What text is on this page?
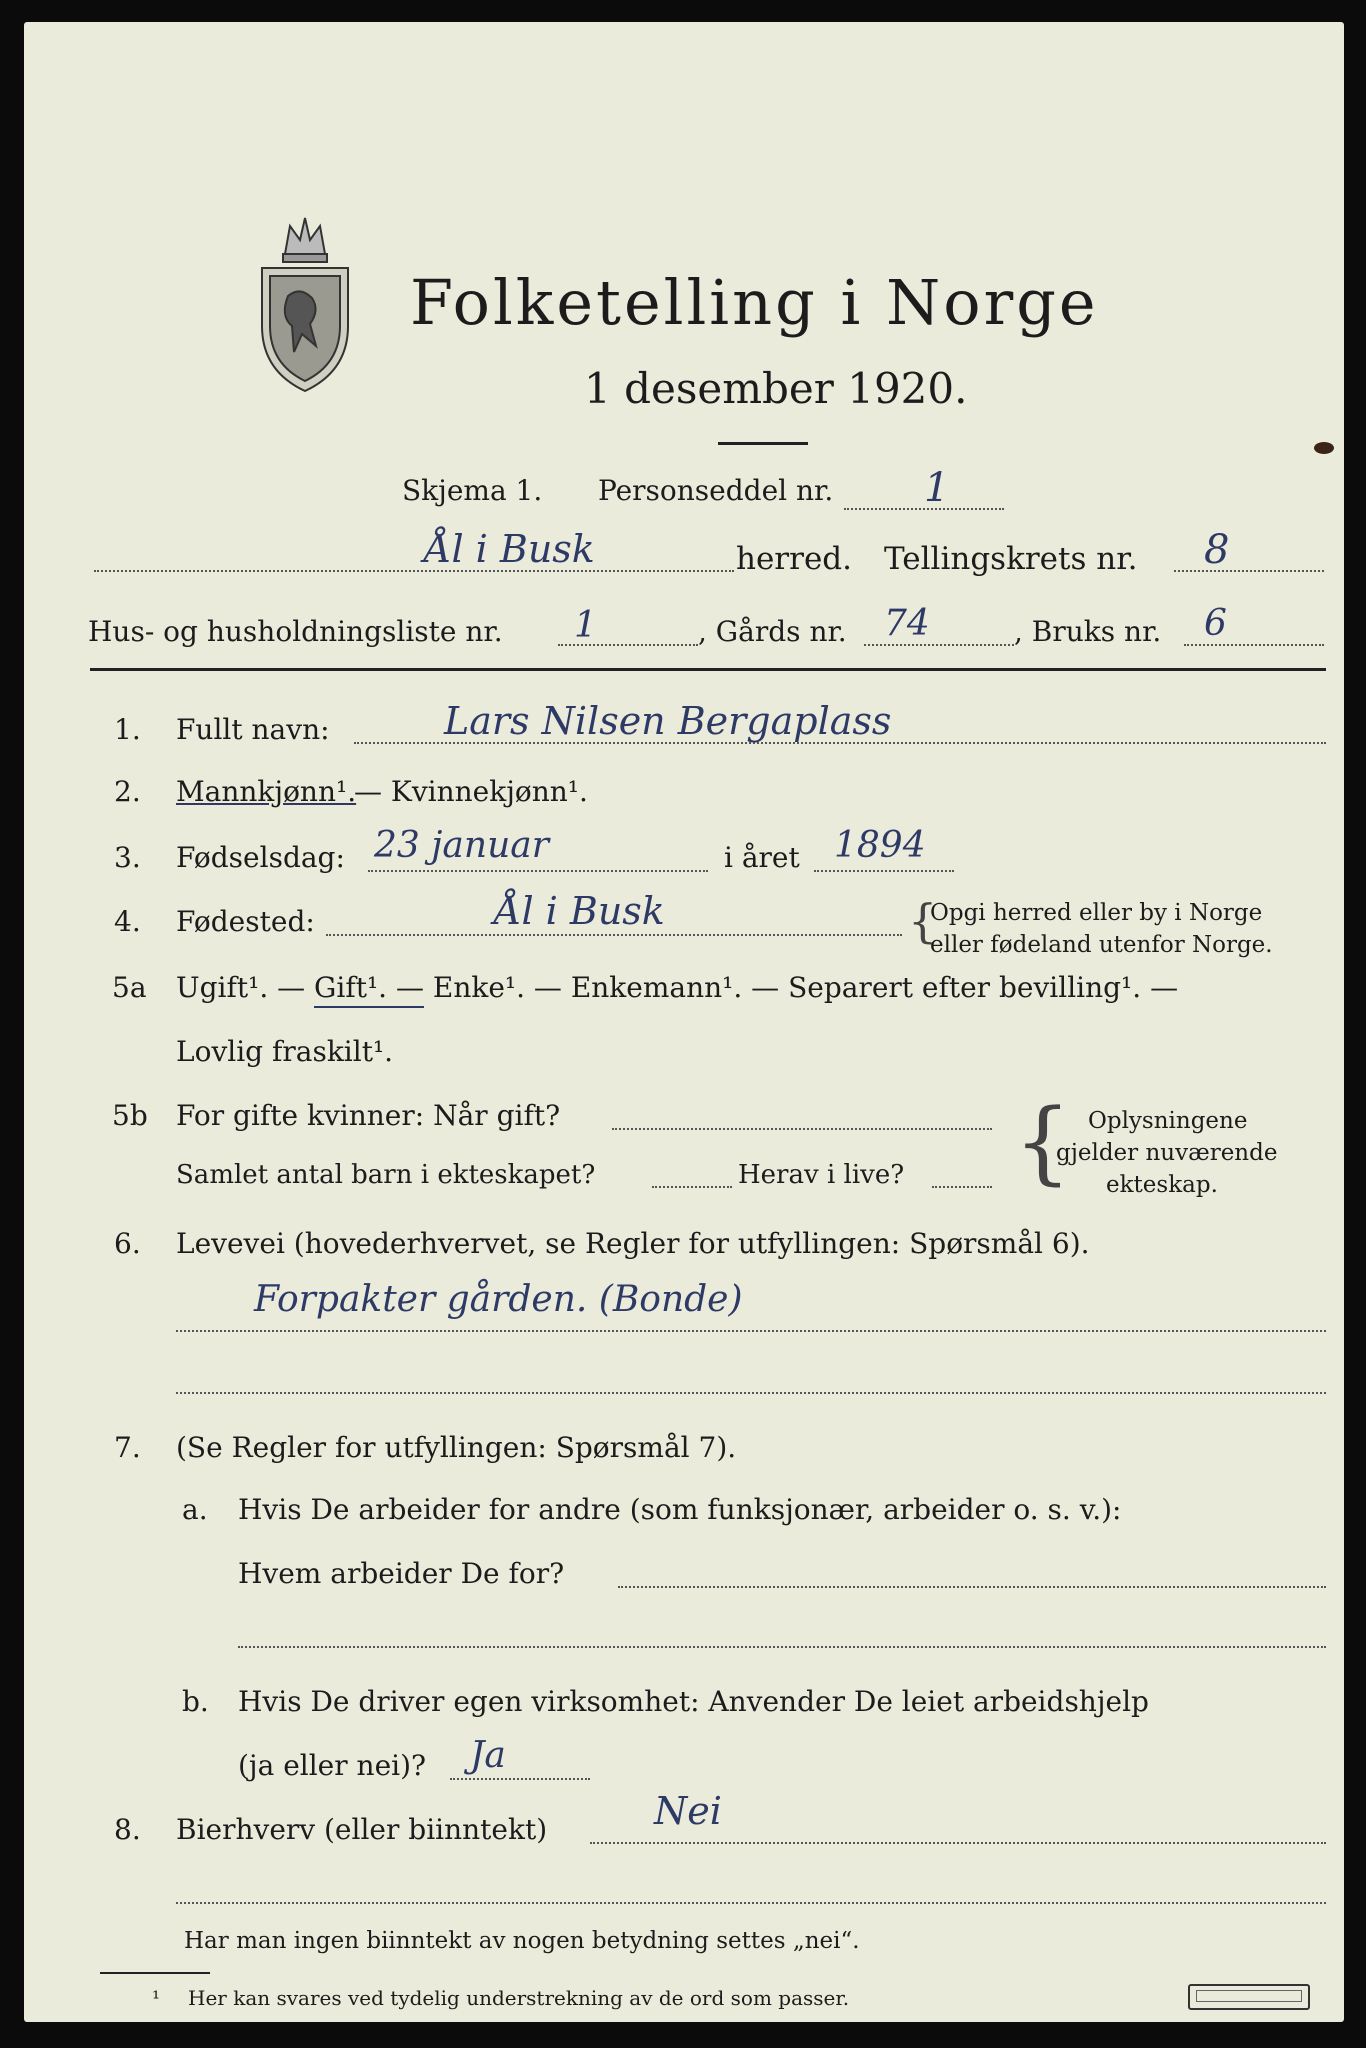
Folketelling i Norge
1 desember 1920.
Skjema 1. Personseddel nr. 1
Ål i Busk	herred. Tellingskrets nr. 8
Hus- og husholdningsliste nr. 1	, Gårds nr. 74	, Bruks nr. 6
1. Fullt navn:	Lars Nilsen Bergaplass
2. Mannkjønn¹.
— Kvinnekjønn¹.
3. Fødselsdag: 23 januar	i året 1894
4. Fødested:	Ål i Busk	{
Opgi herred eller by i Norge
eller fødeland utenfor Norge.
5a Ugift¹. — Gift¹. — Enke¹. — Enkemann¹. — Separert efter bevilling¹. —
Lovlig fraskilt¹.
5b For gifte kvinner: Når gift?
Samlet antal barn i ekteskapet?	Herav i live? { Oplysningene
gjelder nuværende
ekteskap.
6. Levevei (hovederhvervet, se Regler for utfyllingen: Spørsmål 6).
Forpakter gården. (Bonde)
7. (Se Regler for utfyllingen: Spørsmål 7).
a. Hvis De arbeider for andre (som funksjonær, arbeider o. s. v.):
Hvem arbeider De for?
b. Hvis De driver egen virksomhet: Anvender De leiet arbeidshjelp
(ja eller nei)? Ja
8. Bierhverv (eller biinntekt)	Nei
Har man ingen biinntekt av nogen betydning settes „nei“.
¹ Her kan svares ved tydelig understrekning av de ord som passer.
